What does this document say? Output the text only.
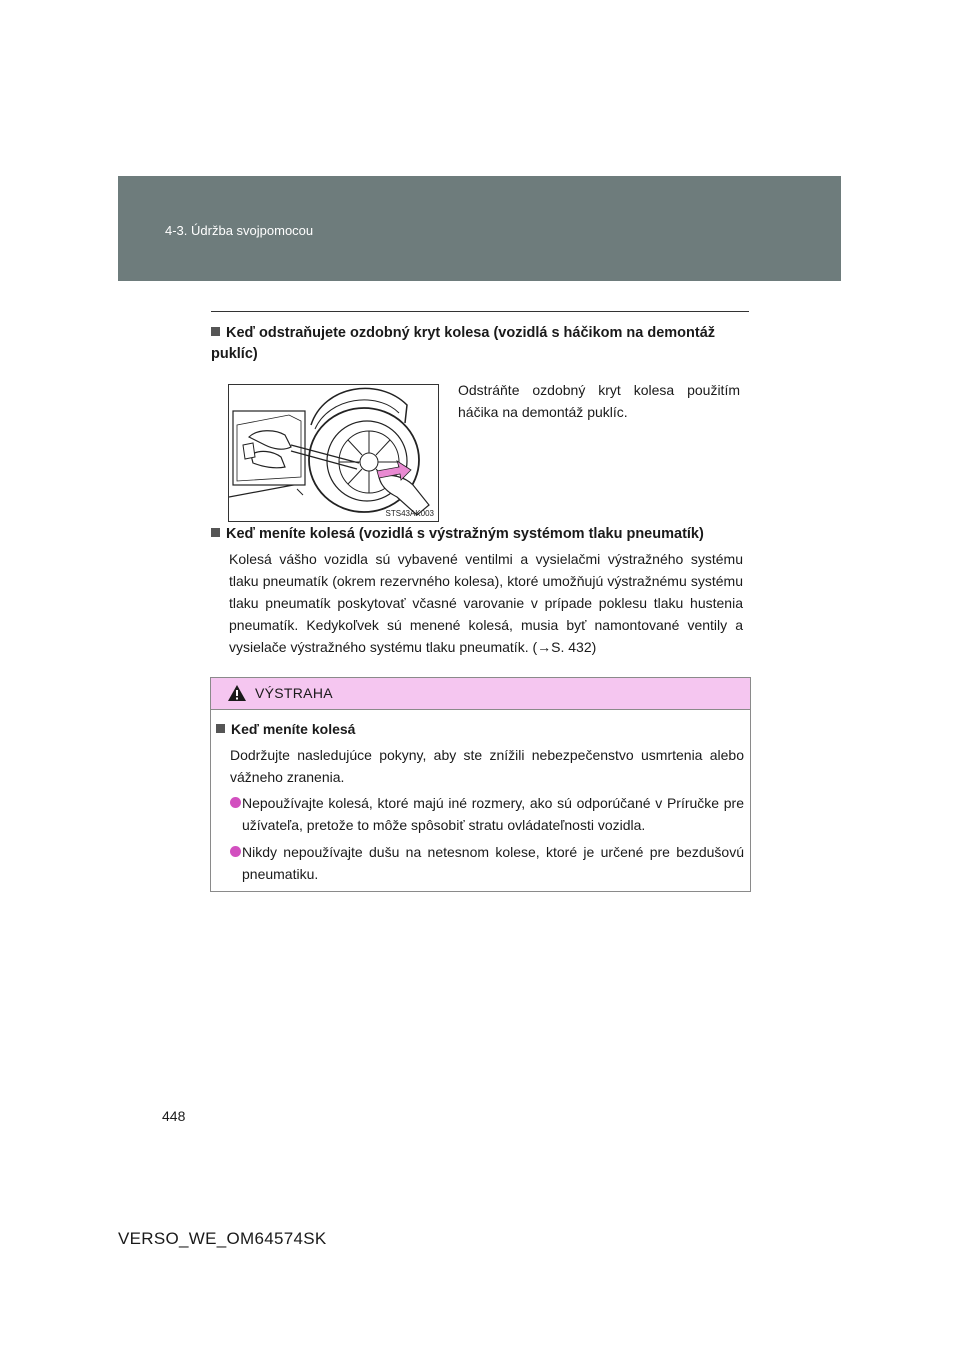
4-3. Údržba svojpomocou
Keď odstraňujete ozdobný kryt kolesa (vozidlá s háčikom na demontáž puklíc)
STS43AK003
Odstráňte ozdobný kryt kolesa použitím háčika na demontáž puklíc.
Keď meníte kolesá (vozidlá s výstražným systémom tlaku pneumatík)
Kolesá vášho vozidla sú vybavené ventilmi a vysielačmi výstražného systému tlaku pneumatík (okrem rezervného kolesa), ktoré umožňujú výstražnému systému tlaku pneumatík poskytovať včasné varovanie v prípade poklesu tlaku hustenia pneumatík. Kedykoľvek sú menené kolesá, musia byť namontované ventily a vysielače výstražného systému tlaku pneumatík. (→S. 432)
VÝSTRAHA
Keď meníte kolesá
Dodržujte nasledujúce pokyny, aby ste znížili nebezpečenstvo usmrtenia alebo vážneho zranenia.
Nepoužívajte kolesá, ktoré majú iné rozmery, ako sú odporúčané v Príručke pre užívateľa, pretože to môže spôsobiť stratu ovládateľnosti vozidla.
Nikdy nepoužívajte dušu na netesnom kolese, ktoré je určené pre bezdušovú pneumatiku.
448
VERSO_WE_OM64574SK
